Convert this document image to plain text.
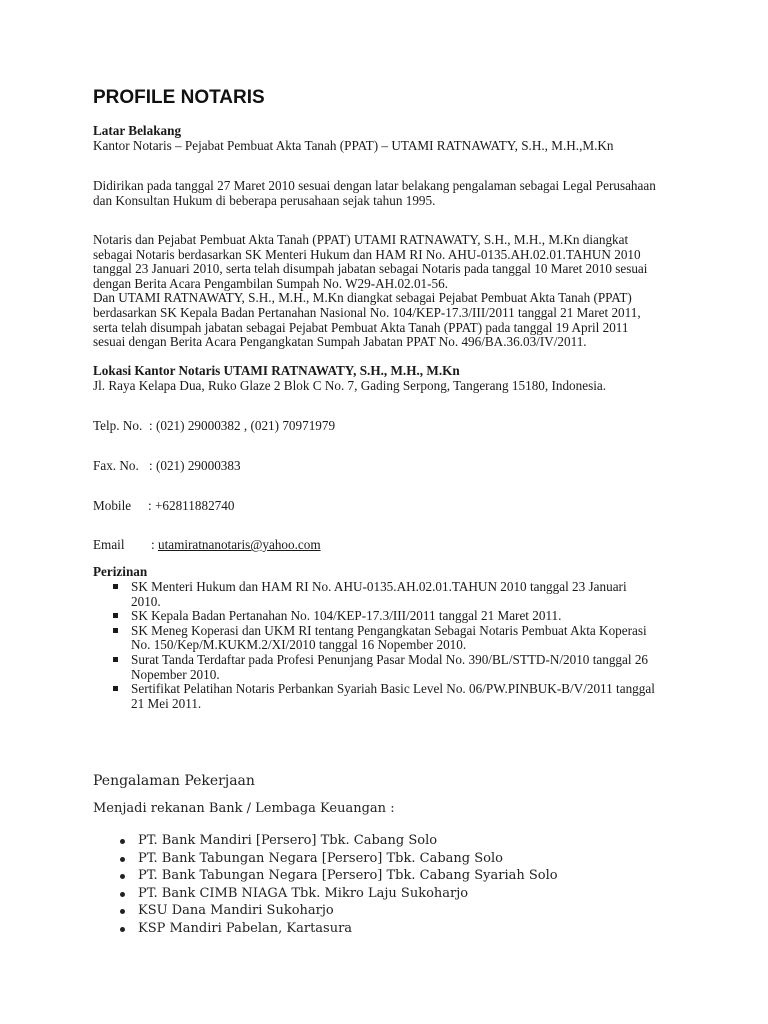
PROFILE NOTARIS

Latar Belakang

Kantor Notaris – Pejabat Pembuat Akta Tanah (PPAT) – UTAMI RATNAWATY, S.H., M.H.,M.Kn

Didirikan pada tanggal 27 Maret 2010 sesuai dengan latar belakang pengalaman sebagai Legal Perusahaan

dan Konsultan Hukum di beberapa perusahaan sejak tahun 1995.

Notaris dan Pejabat Pembuat Akta Tanah (PPAT) UTAMI RATNAWATY, S.H., M.H., M.Kn diangkat

sebagai Notaris berdasarkan SK Menteri Hukum dan HAM RI No. AHU-0135.AH.02.01.TAHUN 2010

tanggal 23 Januari 2010, serta telah disumpah jabatan sebagai Notaris pada tanggal 10 Maret 2010 sesuai

dengan Berita Acara Pengambilan Sumpah No. W29-AH.02.01-56.

Dan UTAMI RATNAWATY, S.H., M.H., M.Kn diangkat sebagai Pejabat Pembuat Akta Tanah (PPAT)

berdasarkan SK Kepala Badan Pertanahan Nasional No. 104/KEP-17.3/III/2011 tanggal 21 Maret 2011,

serta telah disumpah jabatan sebagai Pejabat Pembuat Akta Tanah (PPAT) pada tanggal 19 April 2011

sesuai dengan Berita Acara Pengangkatan Sumpah Jabatan PPAT No. 496/BA.36.03/IV/2011.

Lokasi Kantor Notaris UTAMI RATNAWATY, S.H., M.H., M.Kn

Jl. Raya Kelapa Dua, Ruko Glaze 2 Blok C No. 7, Gading Serpong, Tangerang 15180, Indonesia.

Telp. No. : (021) 29000382 , (021) 70971979
Fax. No. : (021) 29000383
Mobile : +62811882740
Email : utamiratnanotaris@yahoo.com

Perizinan

SK Menteri Hukum dan HAM RI No. AHU-0135.AH.02.01.TAHUN 2010 tanggal 23 Januari

2010.

SK Kepala Badan Pertanahan No. 104/KEP-17.3/III/2011 tanggal 21 Maret 2011.

SK Meneg Koperasi dan UKM RI tentang Pengangkatan Sebagai Notaris Pembuat Akta Koperasi

No. 150/Kep/M.KUKM.2/XI/2010 tanggal 16 Nopember 2010.

Surat Tanda Terdaftar pada Profesi Penunjang Pasar Modal No. 390/BL/STTD-N/2010 tanggal 26

Nopember 2010.

Sertifikat Pelatihan Notaris Perbankan Syariah Basic Level No. 06/PW.PINBUK-B/V/2011 tanggal

21 Mei 2011.

Pengalaman Pekerjaan

Menjadi rekanan Bank / Lembaga Keuangan :

PT. Bank Mandiri [Persero] Tbk. Cabang Solo
PT. Bank Tabungan Negara [Persero] Tbk. Cabang Solo
PT. Bank Tabungan Negara [Persero] Tbk. Cabang Syariah Solo
PT. Bank CIMB NIAGA Tbk. Mikro Laju Sukoharjo
KSU Dana Mandiri Sukoharjo
KSP Mandiri Pabelan, Kartasura
